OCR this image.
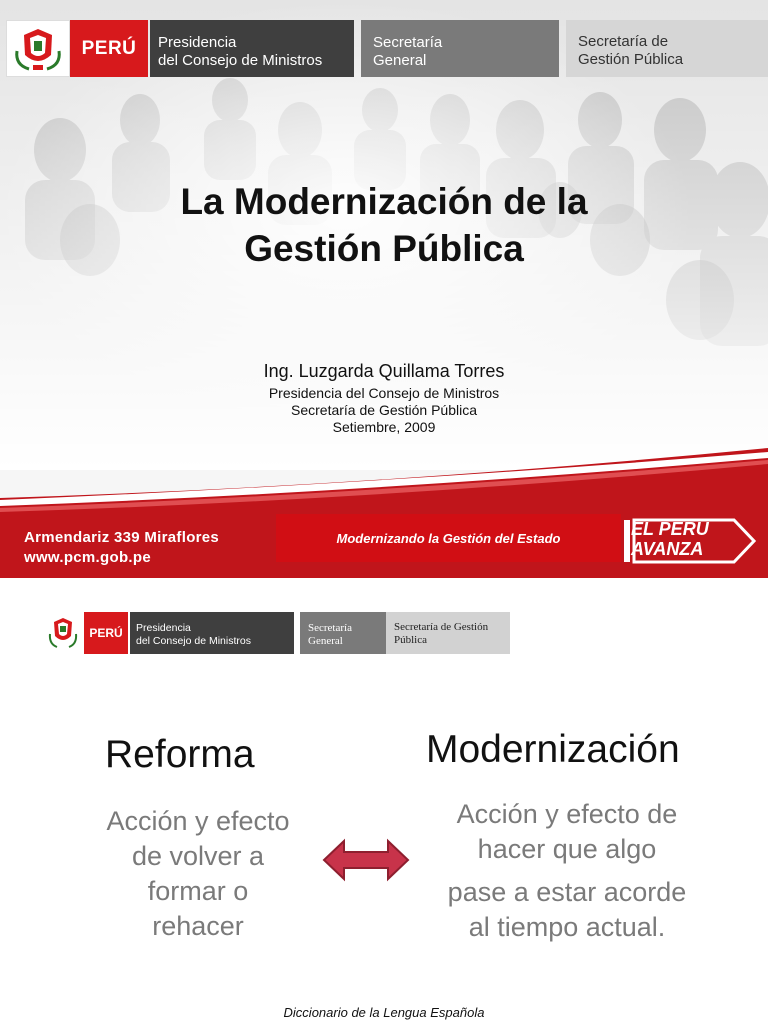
PERÚ	Presidencia
del Consejo de Ministros
Secretaría
General
Secretaría de
Gestión Pública
La Modernización de la
Gestión Pública
Ing. Luzgarda Quillama Torres
Presidencia del Consejo de Ministros
Secretaría de Gestión Pública
Setiembre, 2009
Armendariz 339 Miraflores
www.pcm.gob.pe
Modernizando la Gestión del Estado	EL PERU
AVANZA
PERÚ	Presidencia
del Consejo de Ministros
Secretaría
General
Secretaría de Gestión
Pública
Reforma	Modernización
Acción y efecto
de volver a
formar o
rehacer
Acción y efecto de
hacer que algo
pase a estar acorde
al tiempo actual.
Diccionario de la Lengua Española
